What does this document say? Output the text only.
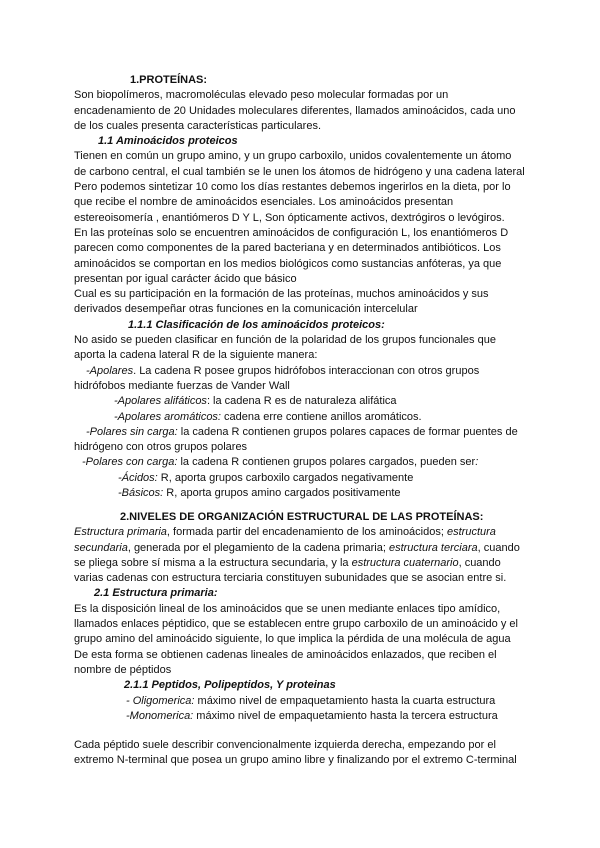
1.PROTEÍNAS:
Son biopolímeros, macromoléculas elevado peso molecular formadas por un
encadenamiento de 20 Unidades moleculares diferentes, llamados aminoácidos, cada uno
de los cuales presenta características particulares.
1.1 Aminoácidos proteicos
Tienen en común un grupo amino, y un grupo carboxilo, unidos covalentemente un átomo
de carbono central, el cual también se le unen los átomos de hidrógeno y una cadena lateral
Pero podemos sintetizar 10 como los días restantes debemos ingerirlos en la dieta, por lo
que recibe el nombre de aminoácidos esenciales. Los aminoácidos presentan
estereoisomería , enantiómeros D Y L, Son ópticamente activos, dextrógiros o levógiros.
En las proteínas solo se encuentren aminoácidos de configuración L, los enantiómeros D
parecen como componentes de la pared bacteriana y en determinados antibióticos. Los
aminoácidos se comportan en los medios biológicos como sustancias anfóteras, ya que
presentan por igual carácter ácido que básico
Cual es su participación en la formación de las proteínas, muchos aminoácidos y sus
derivados desempeñar otras funciones en la comunicación intercelular
1.1.1 Clasificación de los aminoácidos proteicos:
No asido se pueden clasificar en función de la polaridad de los grupos funcionales que
aporta la cadena lateral R de la siguiente manera:
-Apolares. La cadena R posee grupos hidrófobos interaccionan con otros grupos
hidrófobos mediante fuerzas de Vander Wall
-Apolares alifáticos: la cadena R es de naturaleza alifática
-Apolares aromáticos: cadena erre contiene anillos aromáticos.
-Polares sin carga: la cadena R contienen grupos polares capaces de formar puentes de
hidrógeno con otros grupos polares
-Polares con carga: la cadena R contienen grupos polares cargados, pueden ser:
-Ácidos: R, aporta grupos carboxilo cargados negativamente
-Básicos: R, aporta grupos amino cargados positivamente
2.NIVELES DE ORGANIZACIÓN ESTRUCTURAL DE LAS PROTEÍNAS:
Estructura primaria, formada partir del encadenamiento de los aminoácidos; estructura
secundaria, generada por el plegamiento de la cadena primaria; estructura terciara, cuando
se pliega sobre sí misma a la estructura secundaria, y la estructura cuaternario, cuando
varias cadenas con estructura terciaria constituyen subunidades que se asocian entre si.
2.1 Estructura primaria:
Es la disposición lineal de los aminoácidos que se unen mediante enlaces tipo amídico,
llamados enlaces péptidico, que se establecen entre grupo carboxilo de un aminoácido y el
grupo amino del aminoácido siguiente, lo que implica la pérdida de una molécula de agua
De esta forma se obtienen cadenas lineales de aminoácidos enlazados, que reciben el
nombre de péptidos
2.1.1 Peptidos, Polipeptidos, Y proteinas
- Oligomerica: máximo nivel de empaquetamiento hasta la cuarta estructura
-Monomerica: máximo nivel de empaquetamiento hasta la tercera estructura
Cada péptido suele describir convencionalmente izquierda derecha, empezando por el
extremo N-terminal que posea un grupo amino libre y finalizando por el extremo C-terminal
